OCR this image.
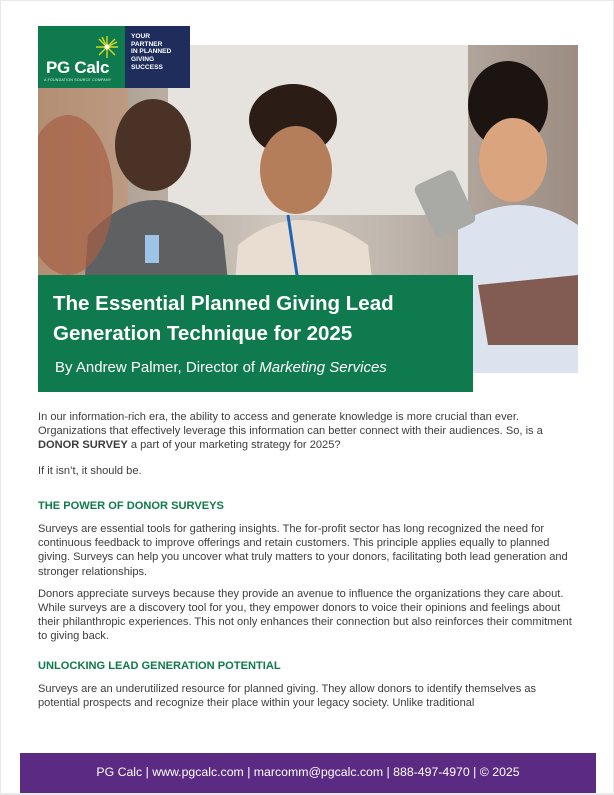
PG Calc
A FOUNDATION SOURCE COMPANY
YOUR
PARTNER
IN PLANNED
GIVING
SUCCESS
The Essential Planned Giving Lead
Generation Technique for 2025
By Andrew Palmer, Director of Marketing Services

In our information-rich era, the ability to access and generate knowledge is more crucial than ever. Organizations that effectively leverage this information can better connect with their audiences. So, is a DONOR SURVEY a part of your marketing strategy for 2025?

If it isn’t, it should be.

THE POWER OF DONOR SURVEYS

Surveys are essential tools for gathering insights. The for-profit sector has long recognized the need for continuous feedback to improve offerings and retain customers. This principle applies equally to planned giving. Surveys can help you uncover what truly matters to your donors, facilitating both lead generation and stronger relationships.

Donors appreciate surveys because they provide an avenue to influence the organizations they care about. While surveys are a discovery tool for you, they empower donors to voice their opinions and feelings about their philanthropic experiences. This not only enhances their connection but also reinforces their commitment to giving back.

UNLOCKING LEAD GENERATION POTENTIAL

Surveys are an underutilized resource for planned giving. They allow donors to identify themselves as potential prospects and recognize their place within your legacy society. Unlike traditional

PG Calc | www.pgcalc.com | marcomm@pgcalc.com | 888-497-4970 | © 2025
